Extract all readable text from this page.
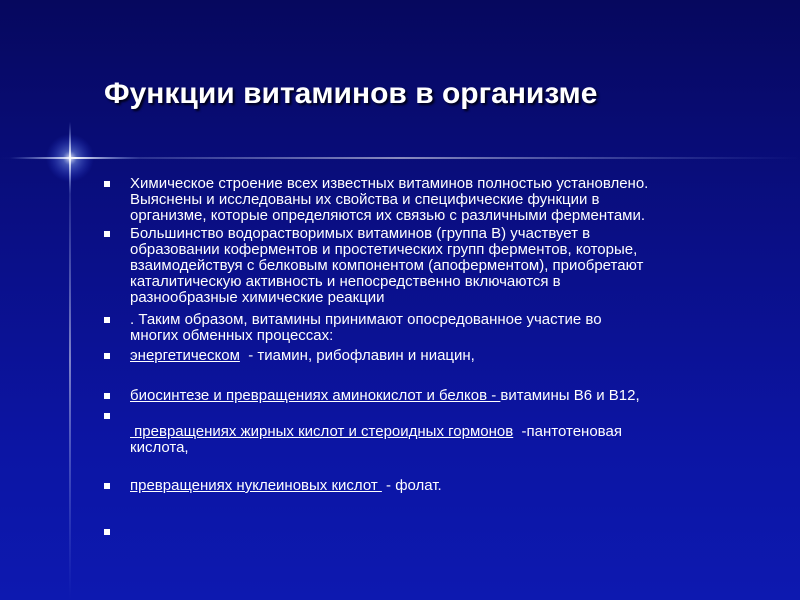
Функции витаминов в организме
Химическое строение всех известных витаминов полностью установлено.
Выяснены и исследованы их свойства и специфические функции в
организме, которые определяются их связью с различными ферментами.
Большинство водорастворимых витаминов (группа В) участвует в
образовании коферментов и простетических групп ферментов, которые,
взаимодействуя с белковым компонентом (апоферментом), приобретают
каталитическую активность и непосредственно включаются в
разнообразные химические реакции
. Таким образом, витамины принимают опосредованное участие во
многих обменных процессах:
энергетическом  - тиамин, рибофлавин и ниацин,
биосинтезе и превращениях аминокислот и белков - витамины В6 и В12,
превращениях жирных кислот и стероидных гормонов  -пантотеновая
кислота,
превращениях нуклеиновых кислот  - фолат.
